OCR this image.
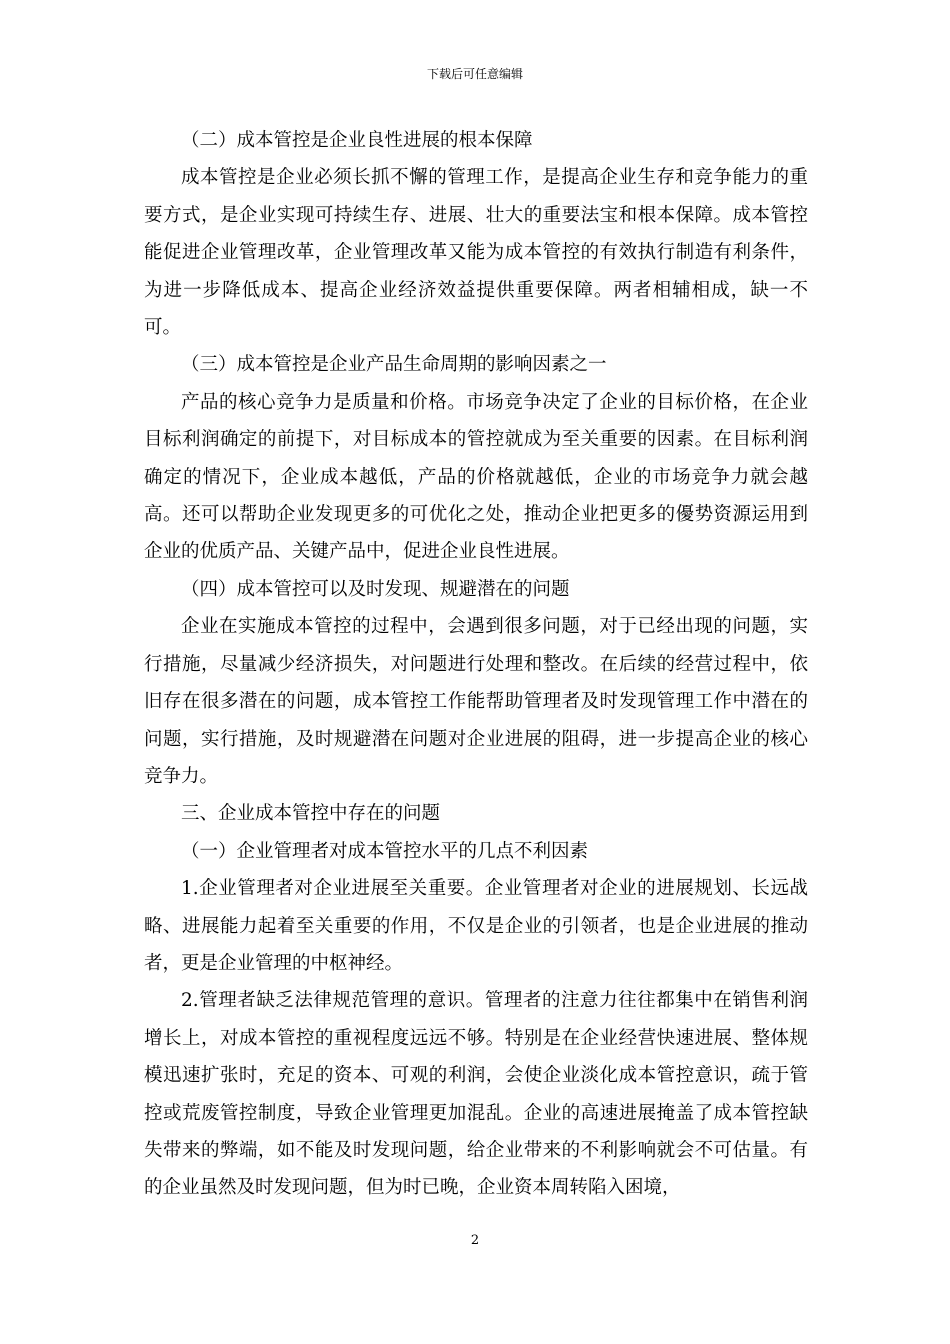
下载后可任意编辑

（二）成本管控是企业良性进展的根本保障

成本管控是企业必须长抓不懈的管理工作，是提高企业生存和竞争能力的重要方式，是企业实现可持续生存、进展、壮大的重要法宝和根本保障。成本管控能促进企业管理改革，企业管理改革又能为成本管控的有效执行制造有利条件，为进一步降低成本、提高企业经济效益提供重要保障。两者相辅相成，缺一不可。

（三）成本管控是企业产品生命周期的影响因素之一

产品的核心竞争力是质量和价格。市场竞争决定了企业的目标价格，在企业目标利润确定的前提下，对目标成本的管控就成为至关重要的因素。在目标利润确定的情况下，企业成本越低，产品的价格就越低，企业的市场竞争力就会越高。还可以帮助企业发现更多的可优化之处，推动企业把更多的優势资源运用到企业的优质产品、关键产品中，促进企业良性进展。

（四）成本管控可以及时发现、规避潜在的问题

企业在实施成本管控的过程中，会遇到很多问题，对于已经出现的问题，实行措施，尽量减少经济损失，对问题进行处理和整改。在后续的经营过程中，依旧存在很多潜在的问题，成本管控工作能帮助管理者及时发现管理工作中潜在的问题，实行措施，及时规避潜在问题对企业进展的阻碍，进一步提高企业的核心竞争力。

三、企业成本管控中存在的问题

（一）企业管理者对成本管控水平的几点不利因素

1.企业管理者对企业进展至关重要。企业管理者对企业的进展规划、长远战略、进展能力起着至关重要的作用，不仅是企业的引领者，也是企业进展的推动者，更是企业管理的中枢神经。

2.管理者缺乏法律规范管理的意识。管理者的注意力往往都集中在销售利润增长上，对成本管控的重视程度远远不够。特别是在企业经营快速进展、整体规模迅速扩张时，充足的资本、可观的利润，会使企业淡化成本管控意识，疏于管控或荒废管控制度，导致企业管理更加混乱。企业的高速进展掩盖了成本管控缺失带来的弊端，如不能及时发现问题，给企业带来的不利影响就会不可估量。有的企业虽然及时发现问题，但为时已晚，企业资本周转陷入困境，

2
